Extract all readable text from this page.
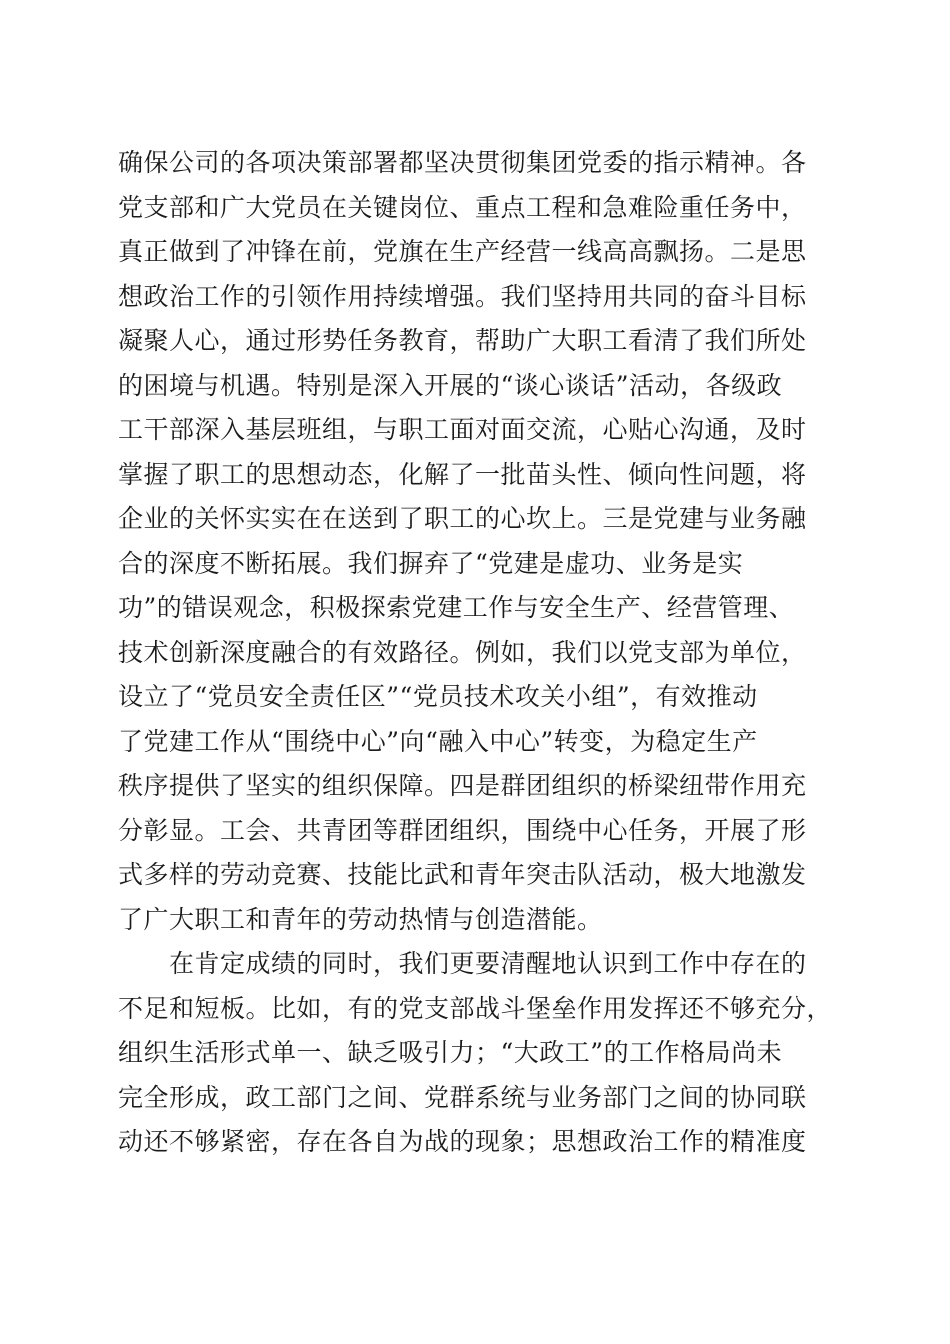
确保公司的各项决策部署都坚决贯彻集团党委的指示精神。各
党支部和广大党员在关键岗位、重点工程和急难险重任务中，
真正做到了冲锋在前，党旗在生产经营一线高高飘扬。二是思
想政治工作的引领作用持续增强。我们坚持用共同的奋斗目标
凝聚人心，通过形势任务教育，帮助广大职工看清了我们所处
的困境与机遇。特别是深入开展的“谈心谈话”活动，各级政
工干部深入基层班组，与职工面对面交流，心贴心沟通，及时
掌握了职工的思想动态，化解了一批苗头性、倾向性问题，将
企业的关怀实实在在送到了职工的心坎上。三是党建与业务融
合的深度不断拓展。我们摒弃了“党建是虚功、业务是实
功”的错误观念，积极探索党建工作与安全生产、经营管理、
技术创新深度融合的有效路径。例如，我们以党支部为单位，
设立了“党员安全责任区”“党员技术攻关小组”，有效推动
了党建工作从“围绕中心”向“融入中心”转变，为稳定生产
秩序提供了坚实的组织保障。四是群团组织的桥梁纽带作用充
分彰显。工会、共青团等群团组织，围绕中心任务，开展了形
式多样的劳动竞赛、技能比武和青年突击队活动，极大地激发
了广大职工和青年的劳动热情与创造潜能。
　　在肯定成绩的同时，我们更要清醒地认识到工作中存在的
不足和短板。比如，有的党支部战斗堡垒作用发挥还不够充分，
组织生活形式单一、缺乏吸引力；“大政工”的工作格局尚未
完全形成，政工部门之间、党群系统与业务部门之间的协同联
动还不够紧密，存在各自为战的现象；思想政治工作的精准度
